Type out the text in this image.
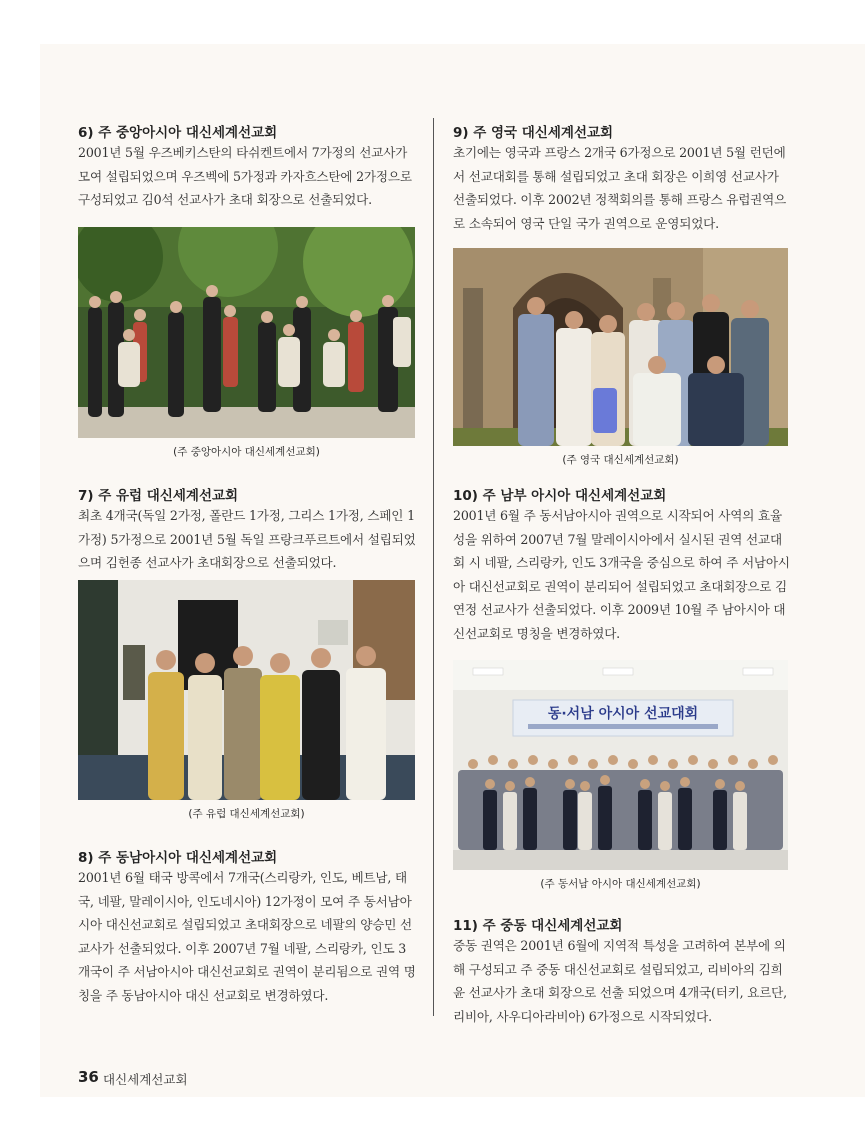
6) 주 중앙아시아 대신세계선교회

2001년 5월 우즈베키스탄의 타쉬켄트에서 7가정의 선교사가 모여 설립되었으며 우즈벡에 5가정과 카자흐스탄에 2가정으로 구성되었고 김0석 선교사가 초대 회장으로 선출되었다.

(주 중앙아시아 대신세계선교회)
7) 주 유럽 대신세계선교회

최초 4개국(독일 2가정, 폴란드 1가정, 그리스 1가정, 스페인 1가정) 5가정으로 2001년 5월 독일 프랑크푸르트에서 설립되었으며 김헌종 선교사가 초대회장으로 선출되었다.

(주 유럽 대신세계선교회)
8) 주 동남아시아 대신세계선교회

2001년 6월 태국 방콕에서 7개국(스리랑카, 인도, 베트남, 태국, 네팔, 말레이시아, 인도네시아) 12가정이 모여 주 동서남아시아 대신선교회로 설립되었고 초대회장으로 네팔의 양승민 선교사가 선출되었다. 이후 2007년 7월 네팔, 스리랑카, 인도 3개국이 주 서남아시아 대신선교회로 권역이 분리됨으로 권역 명칭을 주 동남아시아 대신 선교회로 변경하였다.

9) 주 영국 대신세계선교회

초기에는 영국과 프랑스 2개국 6가정으로 2001년 5월 런던에서 선교대회를 통해 설립되었고 초대 회장은 이희영 선교사가 선출되었다. 이후 2002년 정책회의를 통해 프랑스 유럽권역으로 소속되어 영국 단일 국가 권역으로 운영되었다.

(주 영국 대신세계선교회)
10) 주 남부 아시아 대신세계선교회

2001년 6월 주 동서남아시아 권역으로 시작되어 사역의 효율성을 위하여 2007년 7월 말레이시아에서 실시된 권역 선교대회 시 네팔, 스리랑카, 인도 3개국을 중심으로 하여 주 서남아시아 대신선교회로 권역이 분리되어 설립되었고 초대회장으로 김연정 선교사가 선출되었다. 이후 2009년 10월 주 남아시아 대신선교회로 명칭을 변경하였다.

동·서남 아시아 선교대회
(주 동서남 아시아 대신세계선교회)
11) 주 중동 대신세계선교회

중동 권역은 2001년 6월에 지역적 특성을 고려하여 본부에 의해 구성되고 주 중동 대신선교회로 설립되었고, 리비아의 김희윤 선교사가 초대 회장으로 선출 되었으며 4개국(터키, 요르단, 리비아, 사우디아라비아) 6가정으로 시작되었다.

36 대신세계선교회
